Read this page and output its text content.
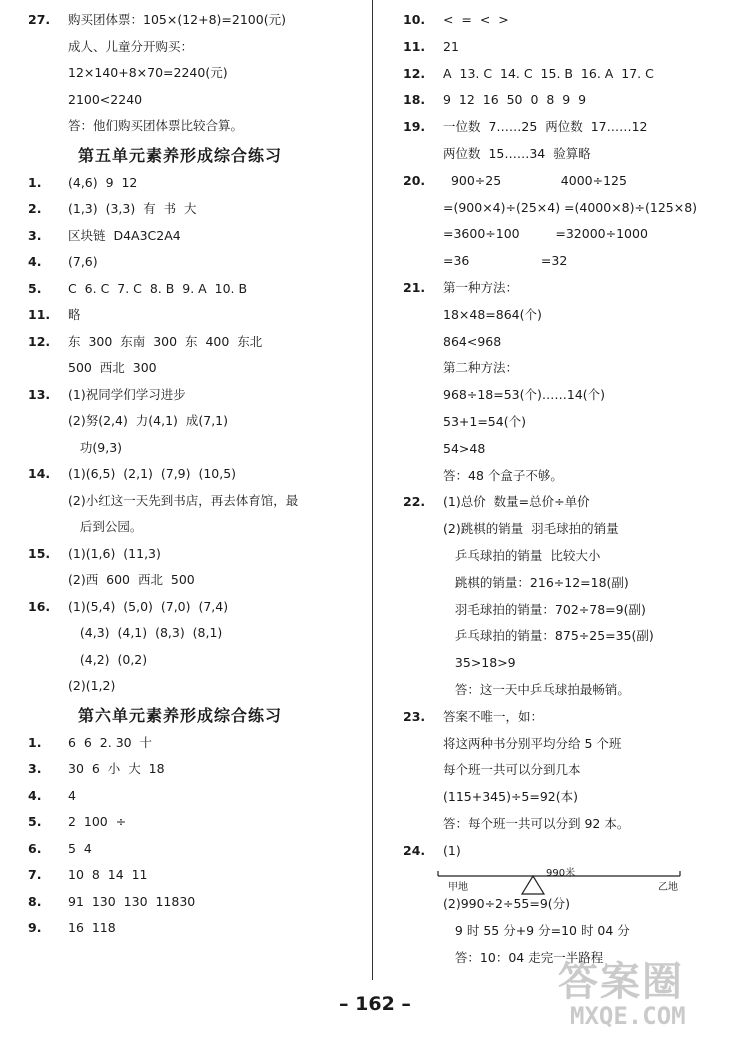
27. 购买团体票：105×(12+8)=2100(元)
成人、儿童分开购买：
12×140+8×70=2240(元)
2100<2240
答：他们购买团体票比较合算。
第五单元素养形成综合练习
1. (4,6)  9  12
2. (1,3)  (3,3)  有  书  大
3. 区块链  D4A3C2A4
4. (7,6)
5. C  6. C  7. C  8. B  9. A  10. B
11. 略
12. 东  300  东南  300  东  400  东北
500  西北  300
13. (1)祝同学们学习进步
(2)努(2,4)  力(4,1)  成(7,1)
功(9,3)
14. (1)(6,5)  (2,1)  (7,9)  (10,5)
(2)小红这一天先到书店，再去体育馆，最
后到公园。
15. (1)(1,6)  (11,3)
(2)西  600  西北  500
16. (1)(5,4)  (5,0)  (7,0)  (7,4)
(4,3)  (4,1)  (8,3)  (8,1)
(4,2)  (0,2)
(2)(1,2)
第六单元素养形成综合练习
1. 6  6  2. 30  十
3. 30  6  小  大  18
4. 4
5. 2  100  ÷
6. 5  4
7. 10  8  14  11
8. 91  130  130  11830
9. 16  118
10. <  =  <  >
11. 21
12. A  13. C  14. C  15. B  16. A  17. C
18. 9  12  16  50  0  8  9  9
19. 一位数  7……25  两位数  17……12
两位数  15……34  验算略
20. 900÷25               4000÷125
=(900×4)÷(25×4) =(4000×8)÷(125×8)
=3600÷100         =32000÷1000
=36                  =32
21. 第一种方法：
18×48=864(个)
864<968
第二种方法：
968÷18=53(个)……14(个)
53+1=54(个)
54>48
答：48 个盒子不够。
22. (1)总价  数量=总价÷单价
(2)跳棋的销量  羽毛球拍的销量
乒乓球拍的销量  比较大小
跳棋的销量：216÷12=18(副)
羽毛球拍的销量：702÷78=9(副)
乒乓球拍的销量：875÷25=35(副)
35>18>9
答：这一天中乒乓球拍最畅销。
23. 答案不唯一，如：
将这两种书分别平均分给 5 个班
每个班一共可以分到几本
(115+345)÷5=92(本)
答：每个班一共可以分到 92 本。
24. (1)
(2)990÷2÷55=9(分)
9 时 55 分+9 分=10 时 04 分
答：10：04 走完一半路程
990米
甲地	乙地
– 162 –	答案圈
MXQE.COM
